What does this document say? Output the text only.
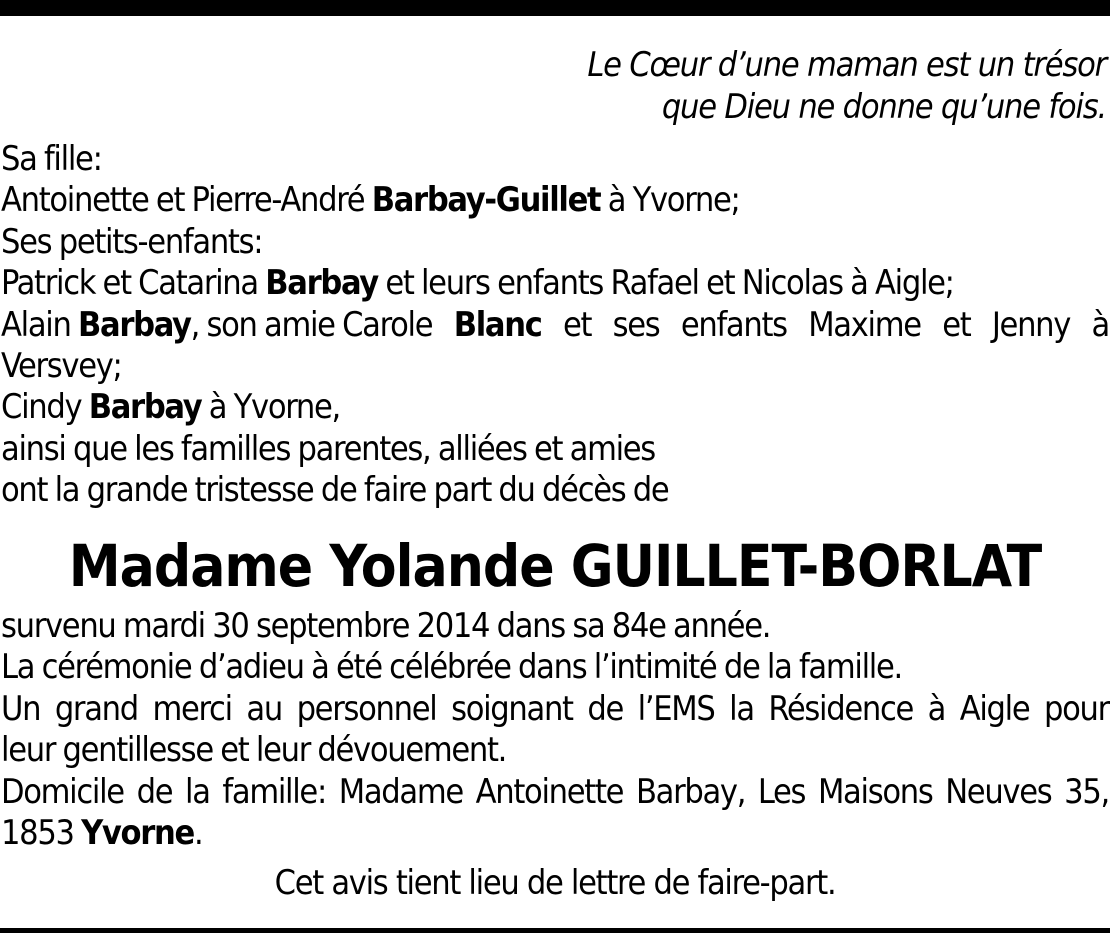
Le Cœur d’une maman est un trésor
que Dieu ne donne qu’une fois.
Sa fille:
Antoinette et Pierre-André Barbay-Guillet à Yvorne;
Ses petits-enfants:
Patrick et Catarina Barbay et leurs enfants Rafael et Nicolas à Aigle;
Alain Barbay, son amie Carole Blanc et ses enfants Maxime et Jenny à
Versvey;
Cindy Barbay à Yvorne,
ainsi que les familles parentes, alliées et amies
ont la grande tristesse de faire part du décès de
Madame Yolande GUILLET-BORLAT
survenu mardi 30 septembre 2014 dans sa 84e année.
La cérémonie d’adieu à été célébrée dans l’intimité de la famille.
Un grand merci au personnel soignant de l’EMS la Résidence à Aigle pour
leur gentillesse et leur dévouement.
Domicile de la famille: Madame Antoinette Barbay, Les Maisons Neuves 35,
1853 Yvorne.
Cet avis tient lieu de lettre de faire-part.
